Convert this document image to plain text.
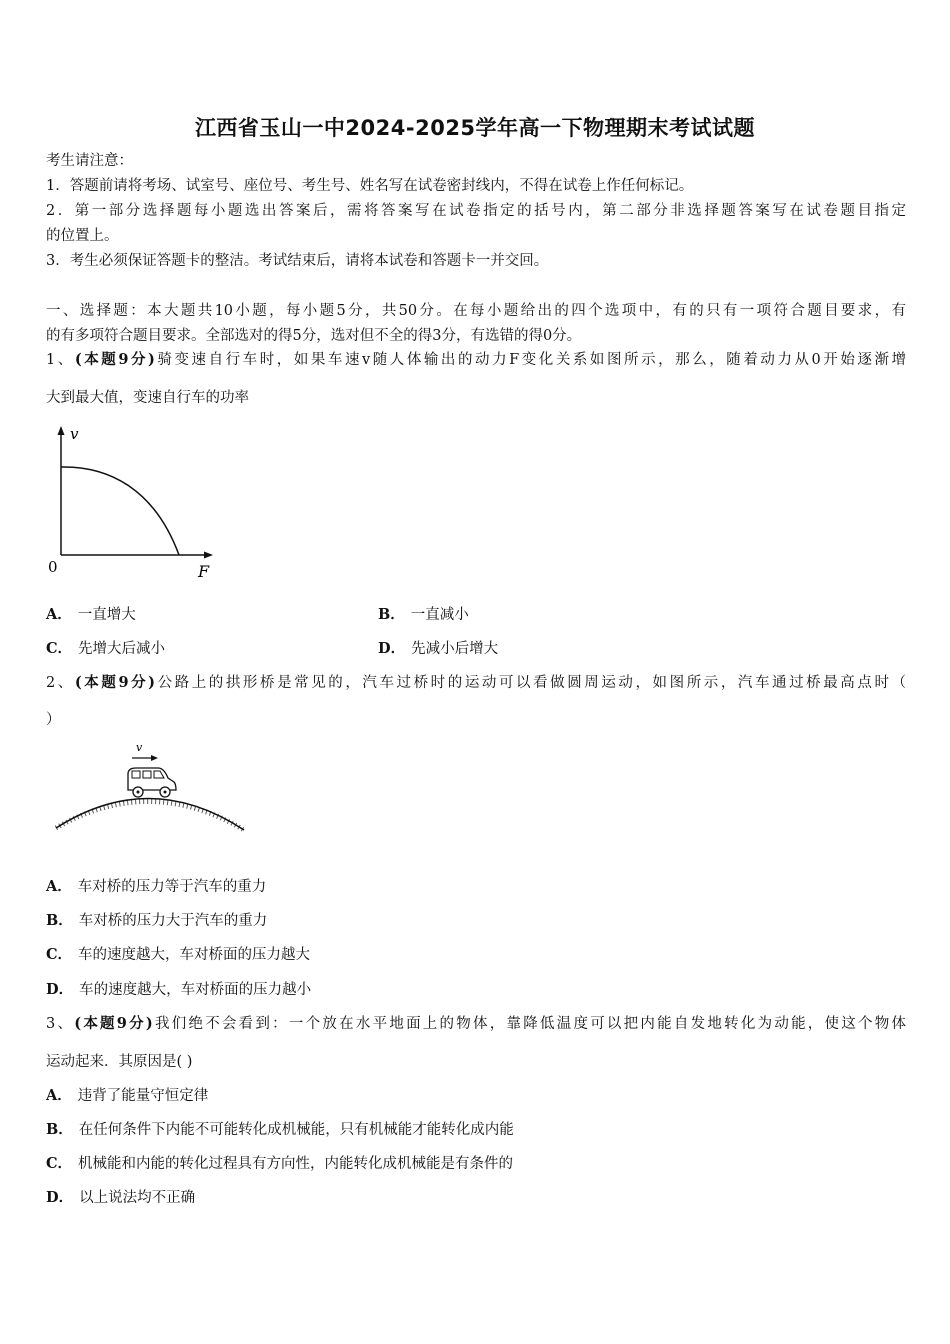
江西省玉山一中2024-2025学年高一下物理期末考试试题
考生请注意：
1．答题前请将考场、试室号、座位号、考生号、姓名写在试卷密封线内，不得在试卷上作任何标记。
2．第一部分选择题每小题选出答案后，需将答案写在试卷指定的括号内，第二部分非选择题答案写在试卷题目指定
的位置上。
3．考生必须保证答题卡的整洁。考试结束后，请将本试卷和答题卡一并交回。
一、选择题：本大题共10小题，每小题5分，共50分。在每小题给出的四个选项中，有的只有一项符合题目要求，有
的有多项符合题目要求。全部选对的得5分，选对但不全的得3分，有选错的得0分。
1、(本题9分)骑变速自行车时，如果车速v随人体输出的动力F变化关系如图所示，那么，随着动力从0开始逐渐增
大到最大值，变速自行车的功率
v
F
0
A． 一直增大	B． 一直减小
C． 先增大后减小	D． 先减小后增大
2、(本题9分)公路上的拱形桥是常见的，汽车过桥时的运动可以看做圆周运动，如图所示，汽车通过桥最高点时（
）
v
A． 车对桥的压力等于汽车的重力
B． 车对桥的压力大于汽车的重力
C． 车的速度越大，车对桥面的压力越大
D． 车的速度越大，车对桥面的压力越小
3、(本题9分)我们绝不会看到：一个放在水平地面上的物体，靠降低温度可以把内能自发地转化为动能，使这个物体
运动起来．其原因是( )
A． 违背了能量守恒定律
B． 在任何条件下内能不可能转化成机械能，只有机械能才能转化成内能
C． 机械能和内能的转化过程具有方向性，内能转化成机械能是有条件的
D． 以上说法均不正确
